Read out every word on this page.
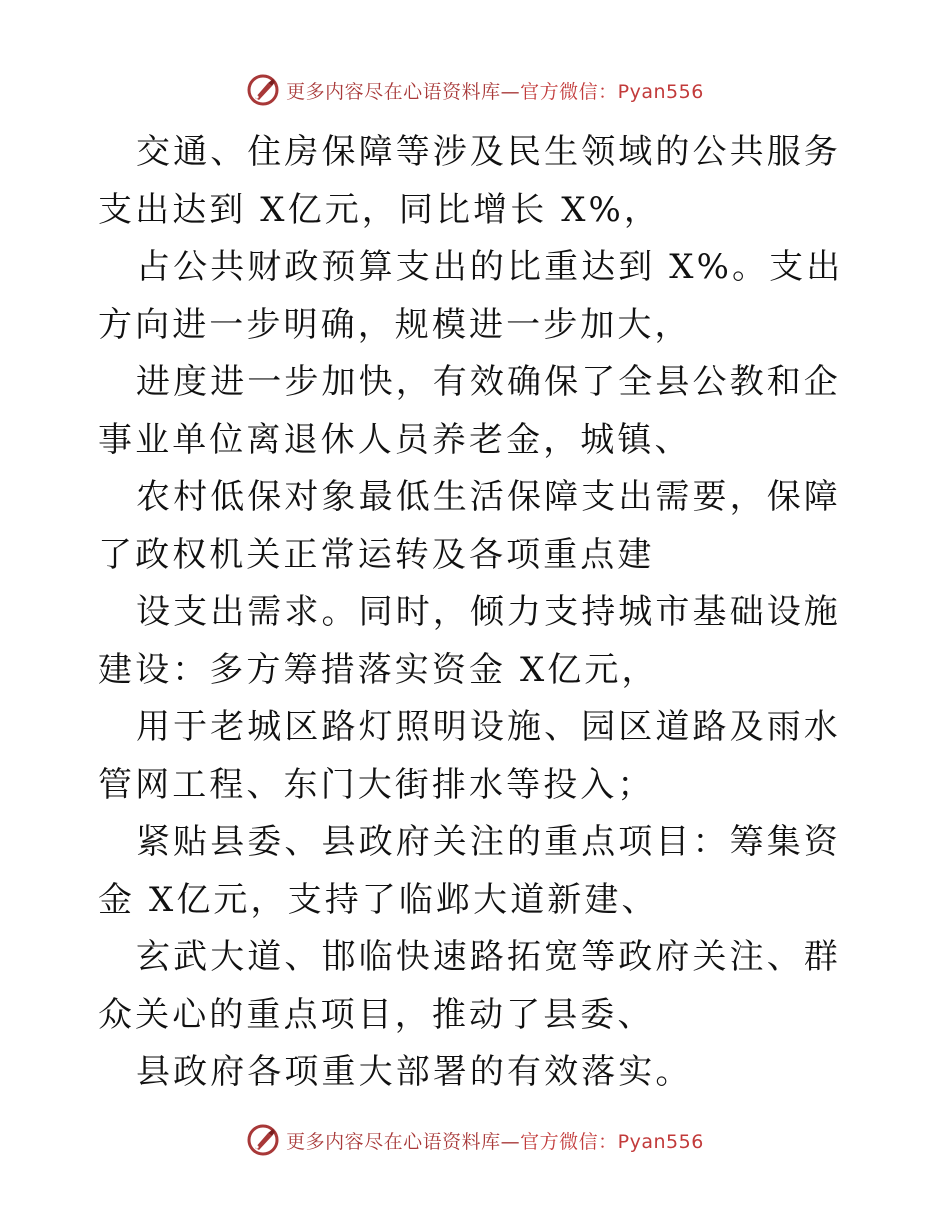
更多内容尽在心语资料库—官方微信：Pyan556

交通、住房保障等涉及民生领域的公共服务支出达到 X亿元，同比增长 X%，

占公共财政预算支出的比重达到 X%。支出方向进一步明确，规模进一步加大，

进度进一步加快，有效确保了全县公教和企事业单位离退休人员养老金，城镇、

农村低保对象最低生活保障支出需要，保障了政权机关正常运转及各项重点建

设支出需求。同时，倾力支持城市基础设施建设：多方筹措落实资金 X亿元，

用于老城区路灯照明设施、园区道路及雨水管网工程、东门大街排水等投入；

紧贴县委、县政府关注的重点项目：筹集资金 X亿元，支持了临邺大道新建、

玄武大道、邯临快速路拓宽等政府关注、群众关心的重点项目，推动了县委、

县政府各项重大部署的有效落实。

更多内容尽在心语资料库—官方微信：Pyan556
